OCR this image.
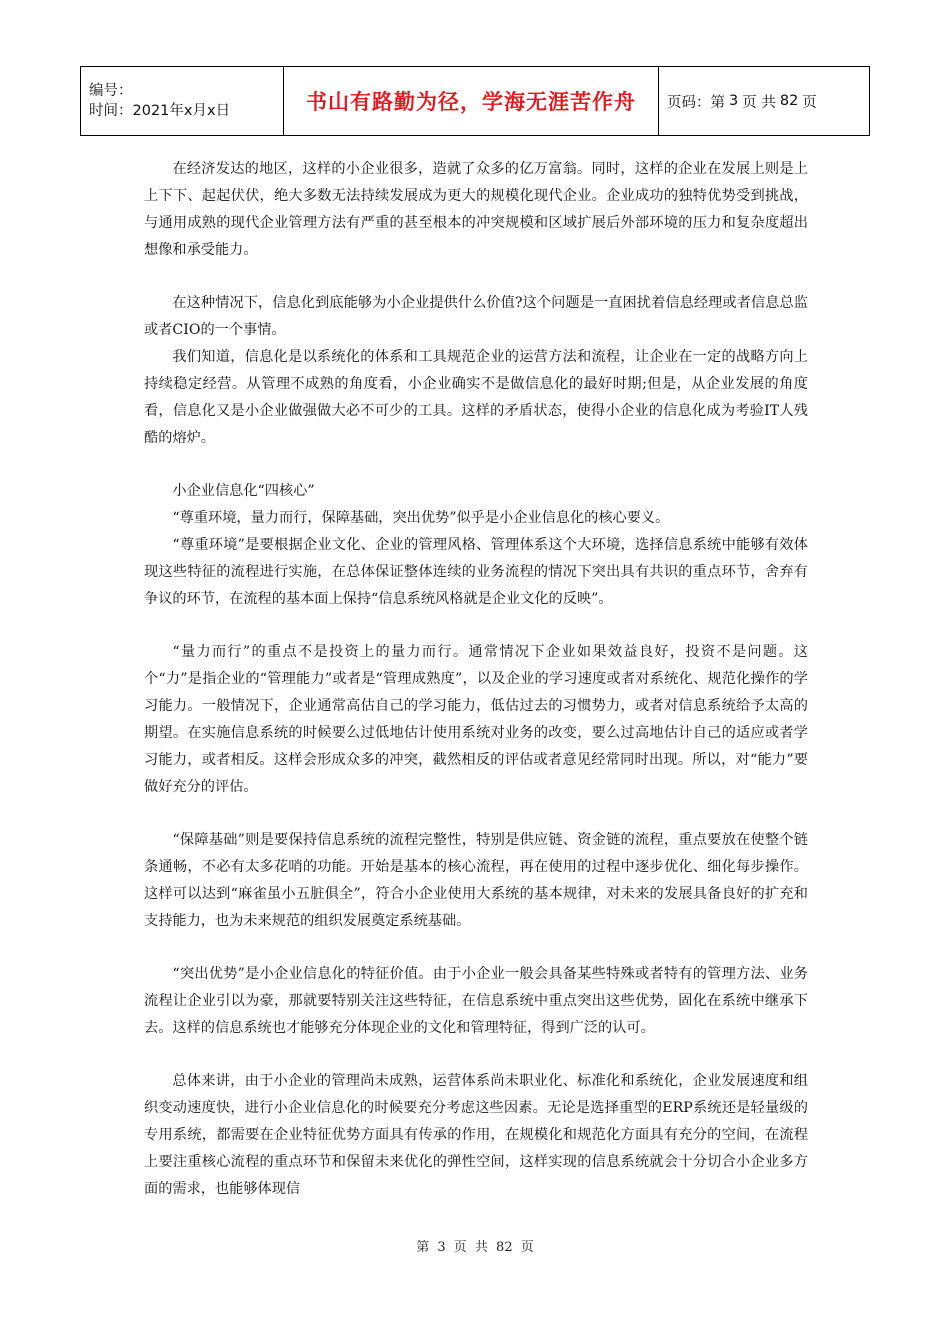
编号：
时间：2021年x月x日	书山有路勤为径，学海无涯苦作舟	页码：第 3 页 共 82 页

在经济发达的地区，这样的小企业很多，造就了众多的亿万富翁。同时，这样的企业在发展上则是上上下下、起起伏伏，绝大多数无法持续发展成为更大的规模化现代企业。企业成功的独特优势受到挑战，与通用成熟的现代企业管理方法有严重的甚至根本的冲突规模和区域扩展后外部环境的压力和复杂度超出想像和承受能力。

在这种情况下，信息化到底能够为小企业提供什么价值?这个问题是一直困扰着信息经理或者信息总监或者CIO的一个事情。

我们知道，信息化是以系统化的体系和工具规范企业的运营方法和流程，让企业在一定的战略方向上持续稳定经营。从管理不成熟的角度看，小企业确实不是做信息化的最好时期;但是，从企业发展的角度看，信息化又是小企业做强做大必不可少的工具。这样的矛盾状态，使得小企业的信息化成为考验IT人残酷的熔炉。

小企业信息化“四核心”

“尊重环境，量力而行，保障基础，突出优势”似乎是小企业信息化的核心要义。

“尊重环境”是要根据企业文化、企业的管理风格、管理体系这个大环境，选择信息系统中能够有效体现这些特征的流程进行实施，在总体保证整体连续的业务流程的情况下突出具有共识的重点环节，舍弃有争议的环节，在流程的基本面上保持“信息系统风格就是企业文化的反映”。

“量力而行”的重点不是投资上的量力而行。通常情况下企业如果效益良好，投资不是问题。这个“力”是指企业的“管理能力”或者是“管理成熟度”，以及企业的学习速度或者对系统化、规范化操作的学习能力。一般情况下，企业通常高估自己的学习能力，低估过去的习惯势力，或者对信息系统给予太高的期望。在实施信息系统的时候要么过低地估计使用系统对业务的改变，要么过高地估计自己的适应或者学习能力，或者相反。这样会形成众多的冲突，截然相反的评估或者意见经常同时出现。所以，对“能力”要做好充分的评估。

“保障基础”则是要保持信息系统的流程完整性，特别是供应链、资金链的流程，重点要放在使整个链条通畅，不必有太多花哨的功能。开始是基本的核心流程，再在使用的过程中逐步优化、细化每步操作。这样可以达到“麻雀虽小五脏俱全”，符合小企业使用大系统的基本规律，对未来的发展具备良好的扩充和支持能力，也为未来规范的组织发展奠定系统基础。

“突出优势”是小企业信息化的特征价值。由于小企业一般会具备某些特殊或者特有的管理方法、业务流程让企业引以为豪，那就要特别关注这些特征，在信息系统中重点突出这些优势，固化在系统中继承下去。这样的信息系统也才能够充分体现企业的文化和管理特征，得到广泛的认可。

总体来讲，由于小企业的管理尚未成熟，运营体系尚未职业化、标准化和系统化，企业发展速度和组织变动速度快，进行小企业信息化的时候要充分考虑这些因素。无论是选择重型的ERP系统还是轻量级的专用系统，都需要在企业特征优势方面具有传承的作用，在规模化和规范化方面具有充分的空间，在流程上要注重核心流程的重点环节和保留未来优化的弹性空间，这样实现的信息系统就会十分切合小企业多方面的需求，也能够体现信

第 3 页 共 82 页
